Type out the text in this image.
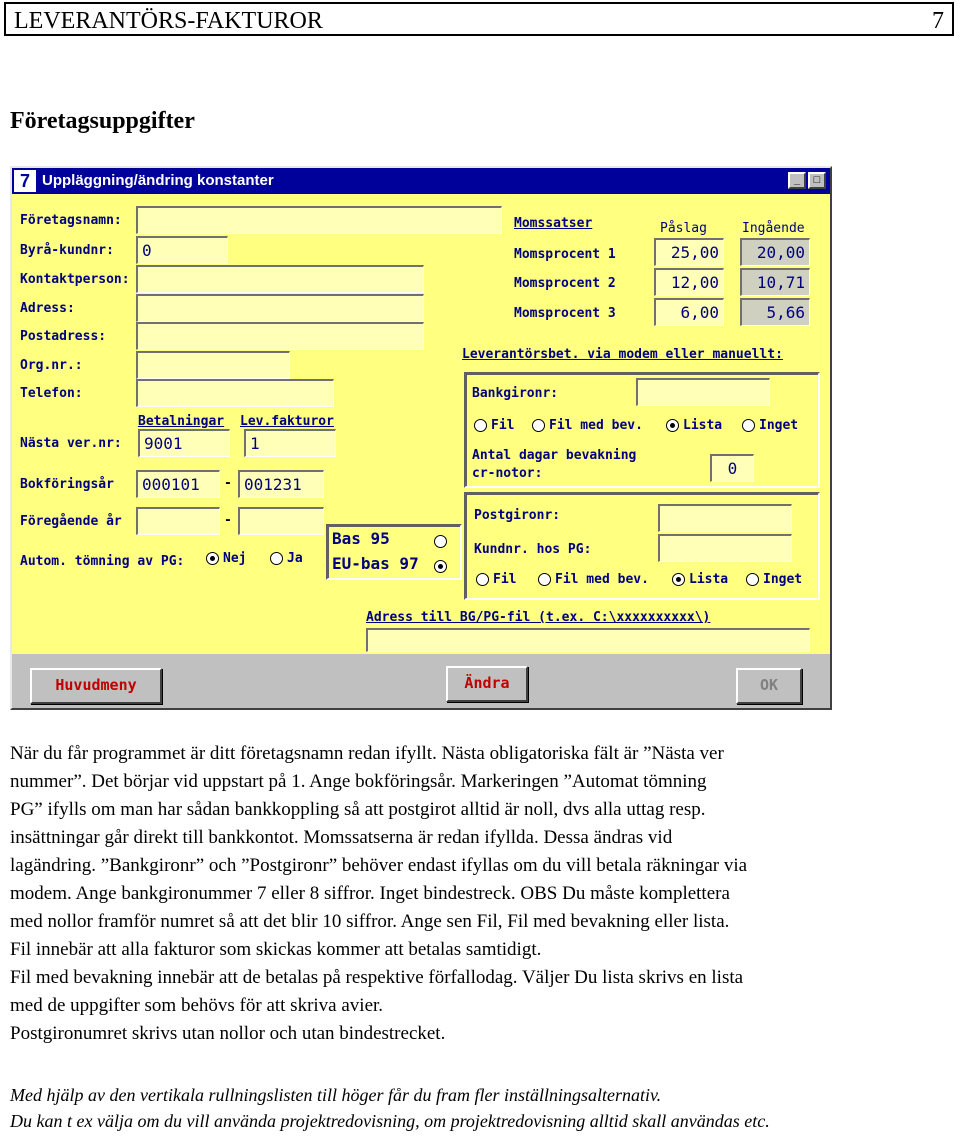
LEVERANTÖRS-FAKTUROR	7
Företagsuppgifter
7 Uppläggning/ändring konstanter	_	□
Företagsnamn:
Byrå-kundnr:	0
Kontaktperson:
Adress:
Postadress:
Org.nr.:
Telefon:
Betalningar Lev.fakturor
Nästa ver.nr:	9001	1
Bokföringsår	000101	- 001231
Föregående år	-
Autom. tömning av PG:	Nej	Ja
Bas 95
EU-bas 97
Momssatser	Påslag	Ingående
Momsprocent 1	25,00	20,00
Momsprocent 2	12,00	10,71
Momsprocent 3	6,00	5,66
Leverantörsbet. via modem eller manuellt:
Bankgironr:
Fil	Fil med bev.	Lista	Inget
Antal dagar bevakning
cr-notor:	0
Postgironr:
Kundnr. hos PG:
Fil	Fil med bev.	Lista	Inget
Adress till BG/PG-fil (t.ex. C:\xxxxxxxxxx\)
Huvudmeny	Ändra	OK
När du får programmet är ditt företagsnamn redan ifyllt. Nästa obligatoriska fält är ”Nästa ver
nummer”. Det börjar vid uppstart på 1. Ange bokföringsår. Markeringen ”Automat tömning
PG” ifylls om man har sådan bankkoppling så att postgirot alltid är noll, dvs alla uttag resp.
insättningar går direkt till bankkontot. Momssatserna är redan ifyllda. Dessa ändras vid
lagändring. ”Bankgironr” och ”Postgironr” behöver endast ifyllas om du vill betala räkningar via
modem. Ange bankgironummer 7 eller 8 siffror. Inget bindestreck. OBS Du måste komplettera
med nollor framför numret så att det blir 10 siffror. Ange sen Fil, Fil med bevakning eller lista.
Fil innebär att alla fakturor som skickas kommer att betalas samtidigt.
Fil med bevakning innebär att de betalas på respektive förfallodag. Väljer Du lista skrivs en lista
med de uppgifter som behövs för att skriva avier.
Postgironumret skrivs utan nollor och utan bindestrecket.
Med hjälp av den vertikala rullningslisten till höger får du fram fler inställningsalternativ.
Du kan t ex välja om du vill använda projektredovisning, om projektredovisning alltid skall användas etc.
